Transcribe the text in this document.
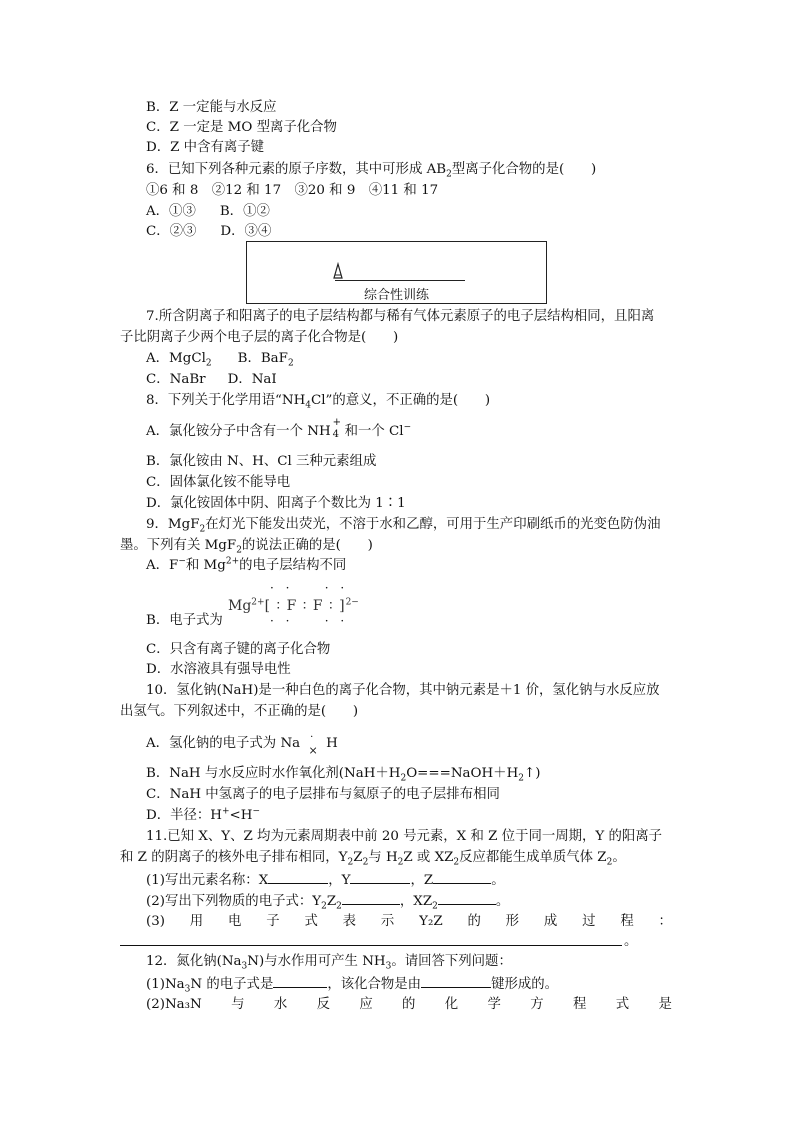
B．Z 一定能与水反应
C．Z 一定是 MO 型离子化合物
D．Z 中含有离子键
6．已知下列各种元素的原子序数，其中可形成 $AB_2$型离子化合物的是(　　)
①6 和 8　②12 和 17　③20 和 9　④11 和 17
A．①③ B．①②
C．②③ D．③④
综合性训练
7.所含阴离子和阳离子的电子层结构都与稀有气体元素原子的电子层结构相同，且阳离
子比阴离子少两个电子层的离子化合物是(　　)
A．MgCl$_2$ B．BaF$_2$
C．NaBr D．NaI
8．下列关于化学用语“$NH_4Cl$”的意义，不正确的是(　　)
A．氯化铵分子中含有一个 NH
+
4 和一个 Cl−
B．氯化铵由 N、H、Cl 三种元素组成
C．固体氯化铵不能导电
D．氯化铵固体中阴、阳离子个数比为 1∶1
9．MgF$_2$在灯光下能发出荧光，不溶于水和乙醇，可用于生产印刷纸币的光变色防伪油
墨。下列有关 MgF$_2$的说法正确的是(　　)
A．F−和 $Mg^{2+}$的电子层结构不同
· ·    · ·
$Mg^{2+}$[ ∶ F ∶ F ∶ ]$^{2-}$
· ·    · ·
B．电子式为
C．只含有离子键的离子化合物
D．水溶液具有强导电性
10．氢化钠(NaH)是一种白色的离子化合物，其中钠元素是＋1 价，氢化钠与水反应放
出氢气。下列叙述中，不正确的是(　　)
A．氢化钠的电子式为 Na ·
$_\times$ H
B．NaH 与水反应时水作氧化剂$(NaH+H_2O===NaOH+H_2↑)$
C．NaH 中氢离子的电子层排布与氦原子的电子层排布相同
D．半径：H+<H−
11.已知 X、Y、Z 均为元素周期表中前 20 号元素，X 和 Z 位于同一周期，Y 的阳离子
和 Z 的阴离子的核外电子排布相同，$Y_2Z_2$与 $H_2Z$ 或 $XZ_2$反应都能生成单质气体 $Z_2$。
(1)写出元素名称：X	，Y	，Z	。
(2)写出下列物质的电子式：$Y_2Z_2$	，$XZ_2$	。
(3) 用 电 子 式 表 示 Y₂Z 的 形 成 过 程 ：
。
12．氮化钠$(Na_3N)$与水作用可产生 $NH_3$。请回答下列问题：
$(1)Na_3N$ 的电子式是	，该化合物是由	键形成的。
(2)Na₃N 与 水 反 应 的 化 学 方 程 式 是
